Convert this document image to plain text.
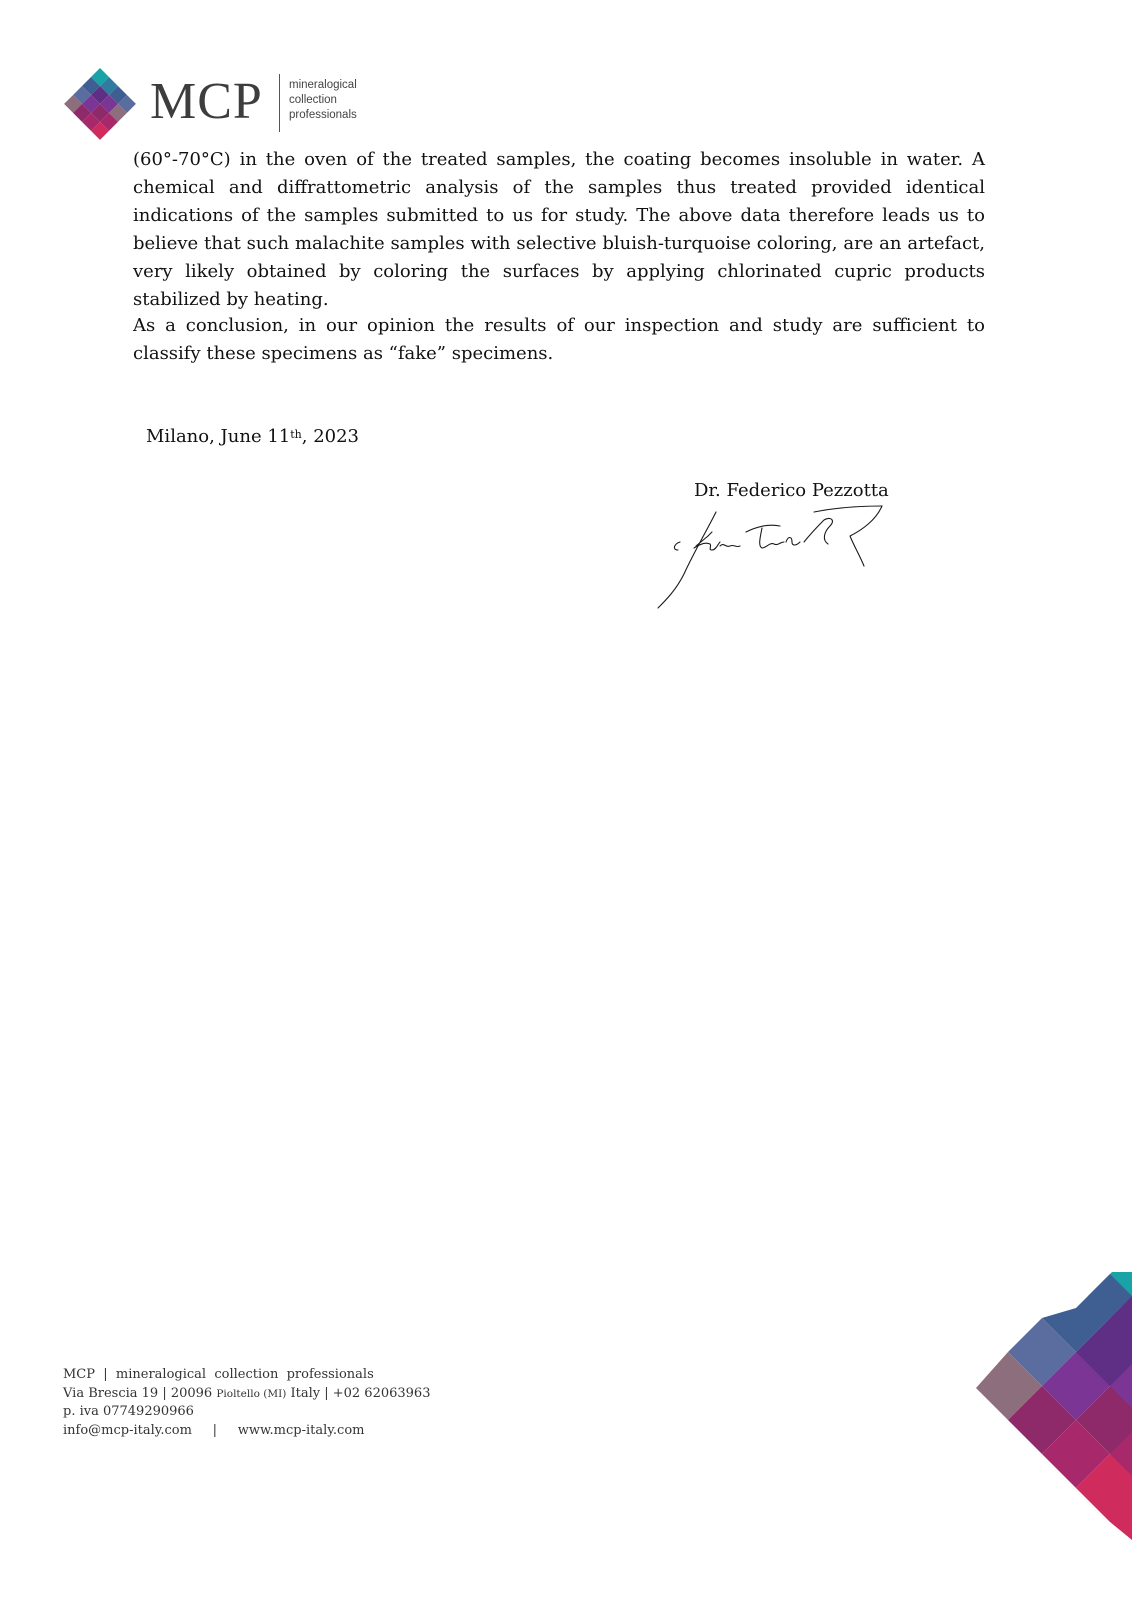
MCP mineralogical
collection
professionals

(60°-70°C) in the oven of the treated samples, the coating becomes insoluble in water. A chemical and diffrattometric analysis of the samples thus treated provided identical indications of the samples submitted to us for study. The above data therefore leads us to believe that such malachite samples with selective bluish-turquoise coloring, are an artefact, very likely obtained by coloring the surfaces by applying chlorinated cupric products stabilized by heating.

As a conclusion, in our opinion the results of our inspection and study are sufficient to classify these specimens as “fake” specimens.

Milano, June 11th, 2023
Dr. Federico Pezzotta
MCP  |  mineralogical  collection  professionals
Via Brescia 19 | 20096 Pioltello (MI) Italy | +02 62063963
p. iva 07749290966
info@mcp-italy.com | www.mcp-italy.com
